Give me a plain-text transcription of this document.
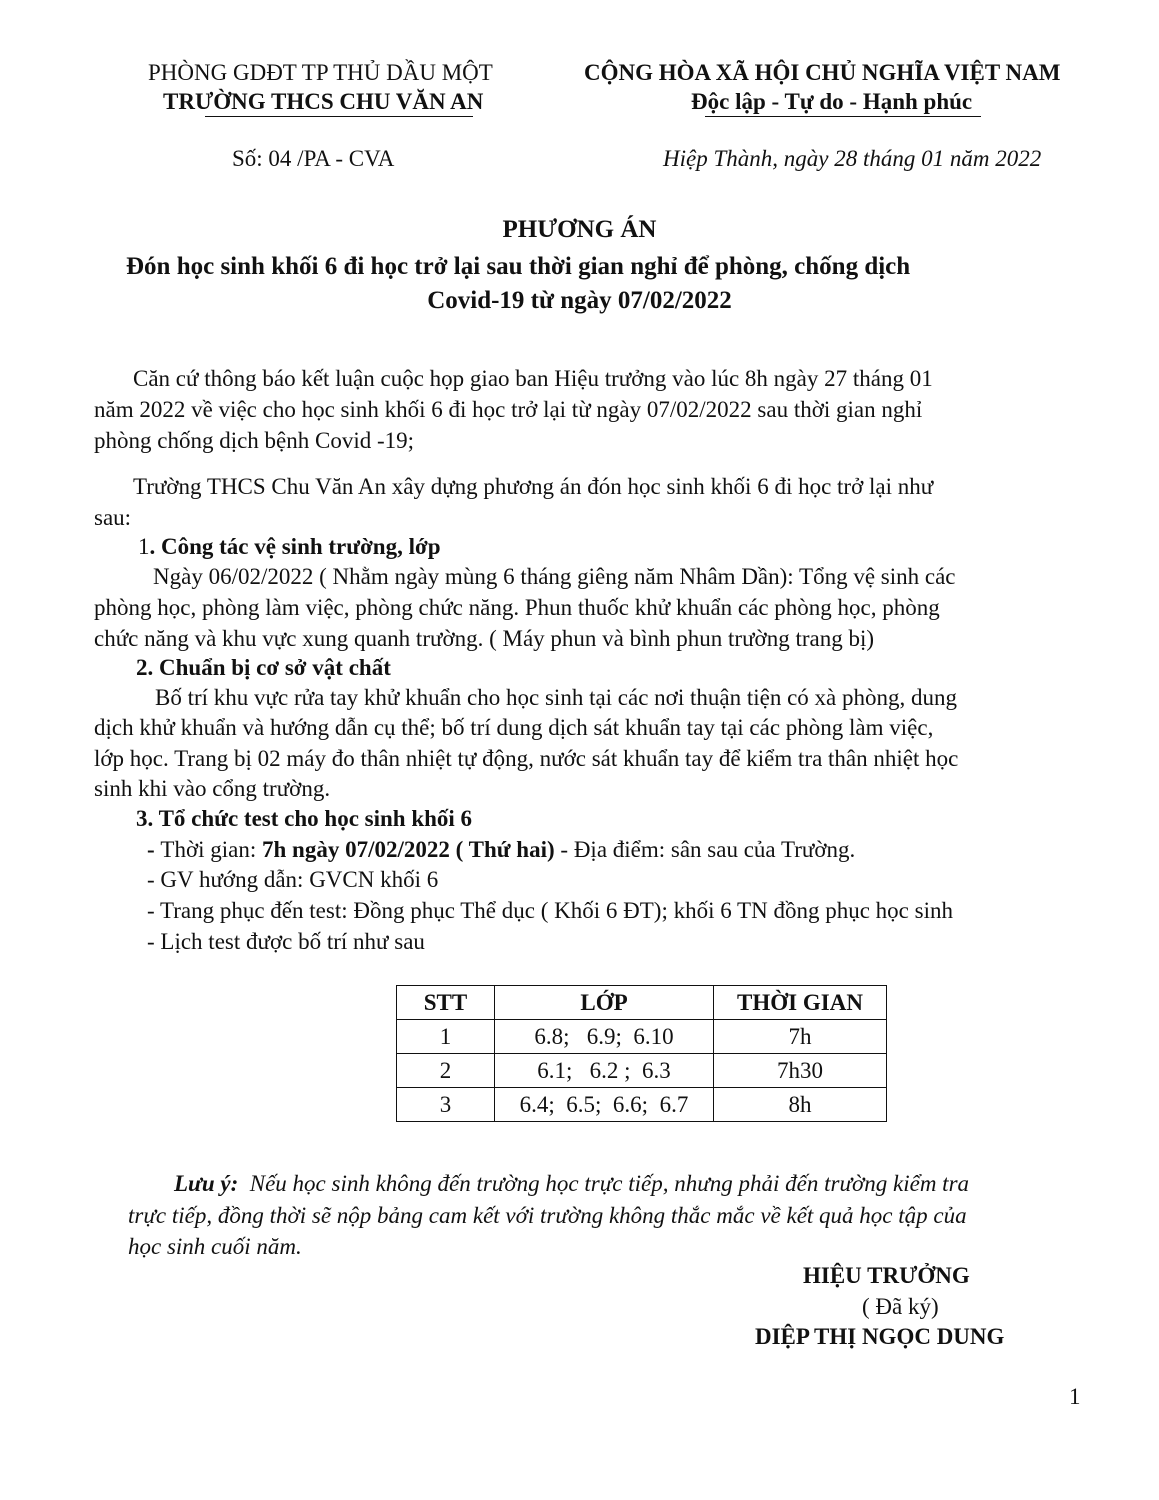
PHÒNG GDĐT TP THỦ DẦU MỘT
TRƯỜNG THCS CHU VĂN AN
CỘNG HÒA XÃ HỘI CHỦ NGHĨA VIỆT NAM
Độc lập - Tự do - Hạnh phúc
Số: 04 /PA - CVA	Hiệp Thành, ngày 28 tháng 01 năm 2022
PHƯƠNG ÁN
Đón học sinh khối 6 đi học trở lại sau thời gian nghỉ để phòng, chống dịch
Covid-19 từ ngày 07/02/2022
Căn cứ thông báo kết luận cuộc họp giao ban Hiệu trưởng vào lúc 8h ngày 27 tháng 01
năm 2022 về việc cho học sinh khối 6 đi học trở lại từ ngày 07/02/2022 sau thời gian nghỉ
phòng chống dịch bệnh Covid -19;
Trường THCS Chu Văn An xây dựng phương án đón học sinh khối 6 đi học trở lại như
sau:
1. Công tác vệ sinh trường, lớp
Ngày 06/02/2022 ( Nhằm ngày mùng 6 tháng giêng năm Nhâm Dần): Tổng vệ sinh các
phòng học, phòng làm việc, phòng chức năng. Phun thuốc khử khuẩn các phòng học, phòng
chức năng và khu vực xung quanh trường. ( Máy phun và bình phun trường trang bị)
2. Chuẩn bị cơ sở vật chất
Bố trí khu vực rửa tay khử khuẩn cho học sinh tại các nơi thuận tiện có xà phòng, dung
dịch khử khuẩn và hướng dẫn cụ thể; bố trí dung dịch sát khuẩn tay tại các phòng làm việc,
lớp học. Trang bị 02 máy đo thân nhiệt tự động, nước sát khuẩn tay để kiểm tra thân nhiệt học
sinh khi vào cổng trường.
3. Tổ chức test cho học sinh khối 6
- Thời gian: 7h ngày 07/02/2022 ( Thứ hai) - Địa điểm: sân sau của Trường.
- GV hướng dẫn: GVCN khối 6
- Trang phục đến test: Đồng phục Thể dục ( Khối 6 ĐT); khối 6 TN đồng phục học sinh
- Lịch test được bố trí như sau
STT	LỚP	THỜI GIAN
1	6.8;   6.9;  6.10	7h
2	6.1;   6.2 ;  6.3	7h30
3	6.4;  6.5;  6.6;  6.7	8h
Lưu ý:  Nếu học sinh không đến trường học trực tiếp, nhưng phải đến trường kiểm tra
trực tiếp, đồng thời sẽ nộp bảng cam kết với trường không thắc mắc về kết quả học tập của
học sinh cuối năm.
HIỆU TRƯỞNG
( Đã ký)
DIỆP THỊ NGỌC DUNG
1
